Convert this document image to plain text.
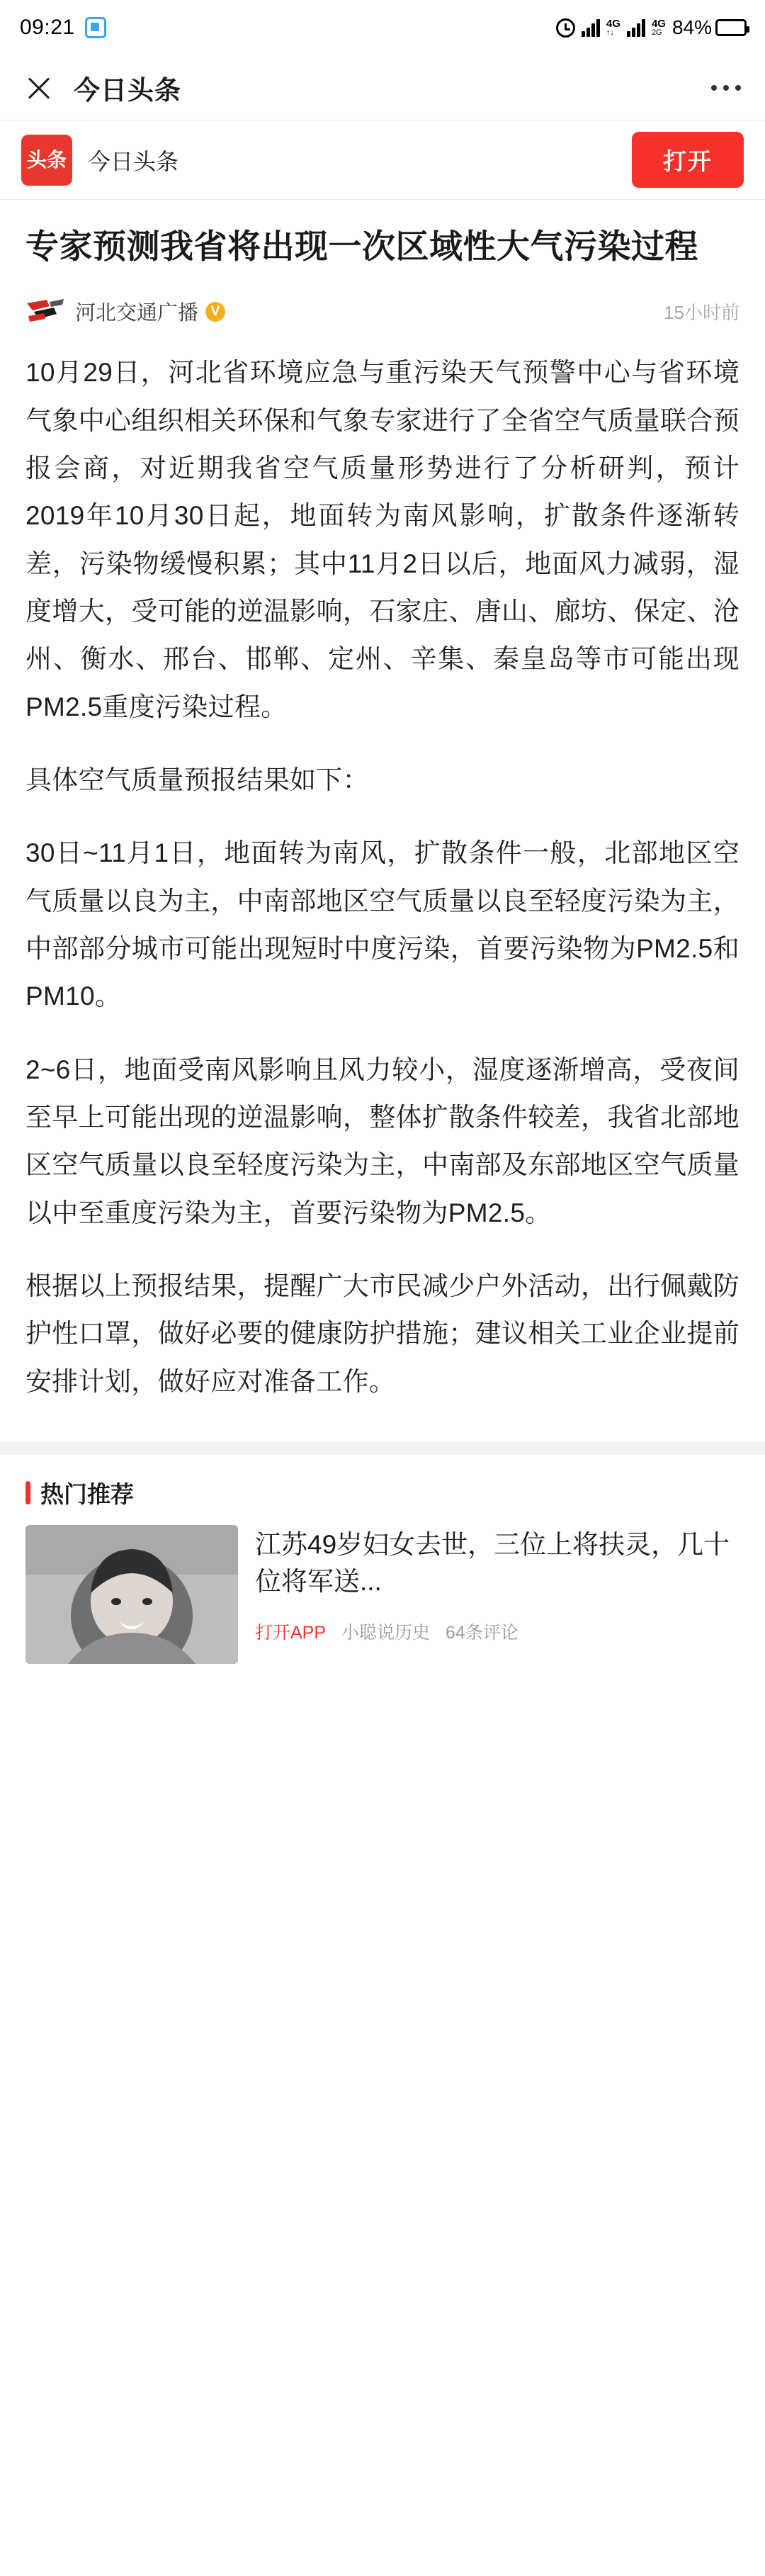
09:21	4G
↑↓
4G
2G 84%
今日头条
头条 今日头条	打开
专家预测我省将出现一次区域性大气污染过程
河北交通广播 V	15小时前

10月29日，河北省环境应急与重污染天气预警中心与省环境气象中心组织相关环保和气象专家进行了全省空气质量联合预报会商，对近期我省空气质量形势进行了分析研判，预计2019年10月30日起，地面转为南风影响，扩散条件逐渐转差，污染物缓慢积累；其中11月2日以后，地面风力减弱，湿度增大，受可能的逆温影响，石家庄、唐山、廊坊、保定、沧州、衡水、邢台、邯郸、定州、辛集、秦皇岛等市可能出现PM2.5重度污染过程。

具体空气质量预报结果如下：

30日~11月1日，地面转为南风，扩散条件一般，北部地区空气质量以良为主，中南部地区空气质量以良至轻度污染为主，中部部分城市可能出现短时中度污染，首要污染物为PM2.5和PM10。

2~6日，地面受南风影响且风力较小，湿度逐渐增高，受夜间至早上可能出现的逆温影响，整体扩散条件较差，我省北部地区空气质量以良至轻度污染为主，中南部及东部地区空气质量以中至重度污染为主，首要污染物为PM2.5。

根据以上预报结果，提醒广大市民减少户外活动，出行佩戴防护性口罩，做好必要的健康防护措施；建议相关工业企业提前安排计划，做好应对准备工作。

热门推荐
江苏49岁妇女去世，三位上将扶灵，几十位将军送...
打开APP 小聪说历史 64条评论
